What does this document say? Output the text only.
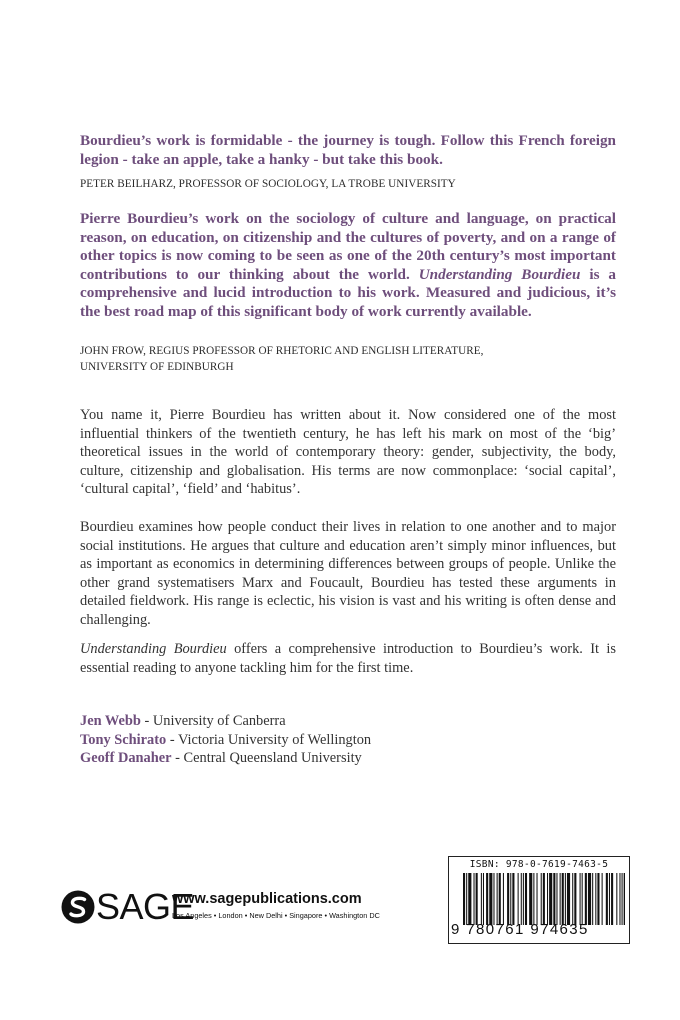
Bourdieu’s work is formidable - the journey is tough. Follow this French foreign legion - take an apple, take a hanky - but take this book.

PETER BEILHARZ, PROFESSOR OF SOCIOLOGY, LA TROBE UNIVERSITY

Pierre Bourdieu’s work on the sociology of culture and language, on practical reason, on education, on citizenship and the cultures of poverty, and on a range of other topics is now coming to be seen as one of the 20th century’s most important contributions to our thinking about the world. Understanding Bourdieu is a comprehensive and lucid introduction to his work. Measured and judicious, it’s the best road map of this significant body of work currently available.

JOHN FROW, REGIUS PROFESSOR OF RHETORIC AND ENGLISH LITERATURE,
UNIVERSITY OF EDINBURGH

You name it, Pierre Bourdieu has written about it. Now considered one of the most influential thinkers of the twentieth century, he has left his mark on most of the ‘big’ theoretical issues in the world of contemporary theory: gender, subjectivity, the body, culture, citizenship and globalisation. His terms are now commonplace: ‘social capital’, ‘cultural capital’, ‘field’ and ‘habitus’.

Bourdieu examines how people conduct their lives in relation to one another and to major social institutions. He argues that culture and education aren’t simply minor influences, but as important as economics in determining differences between groups of people. Unlike the other grand systematisers Marx and Foucault, Bourdieu has tested these arguments in detailed fieldwork. His range is eclectic, his vision is vast and his writing is often dense and challenging.

Understanding Bourdieu offers a comprehensive introduction to Bourdieu’s work. It is essential reading to anyone tackling him for the first time.

Jen Webb - University of Canberra
Tony Schirato - Victoria University of Wellington
Geoff Danaher - Central Queensland University
SAGE
www.sagepublications.com
Los Angeles • London • New Delhi • Singapore • Washington DC
ISBN: 978-0-7619-7463-5
9 780761 974635
